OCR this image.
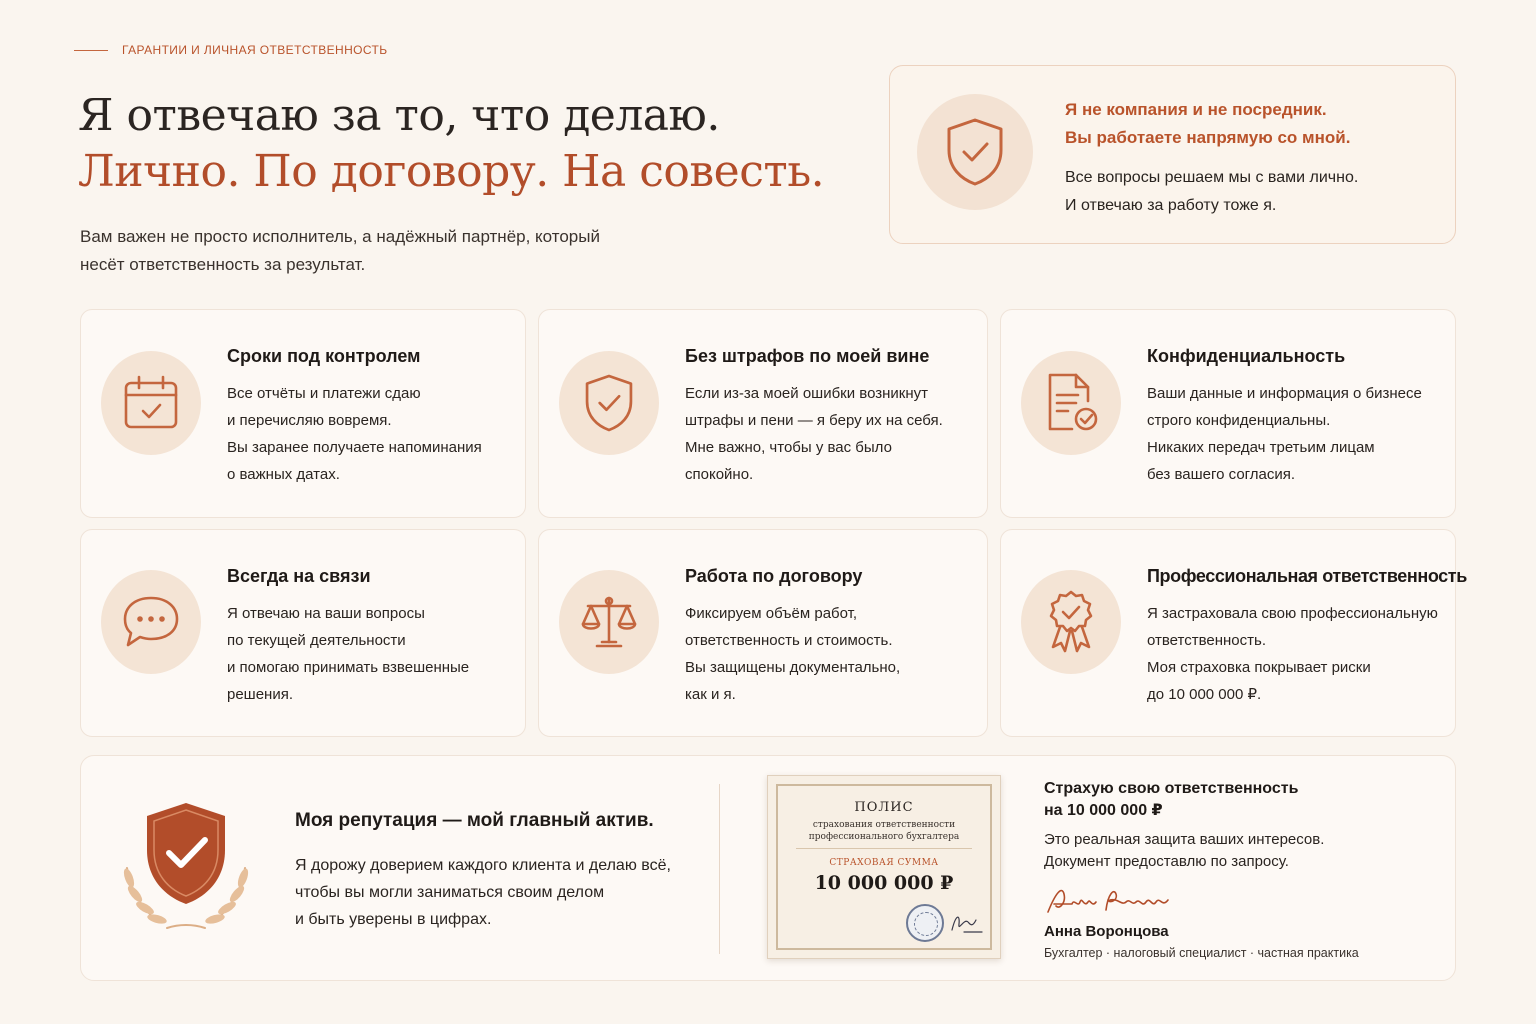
ГАРАНТИИ И ЛИЧНАЯ ОТВЕТСТВЕННОСТЬ
Я отвечаю за то, что делаю.
Лично. По договору. На совесть.

Вам важен не просто исполнитель, а надёжный партнёр, который несёт ответственность за результат.

Я не компания и не посредник.
Вы работаете напрямую со мной.
Все вопросы решаем мы с вами лично.
И отвечаю за работу тоже я.
Сроки под контролем
Все отчёты и платежи сдаю
и перечисляю вовремя.
Вы заранее получаете напоминания
о важных датах.
Без штрафов по моей вине
Если из-за моей ошибки возникнут
штрафы и пени — я беру их на себя.
Мне важно, чтобы у вас было
спокойно.
Конфиденциальность
Ваши данные и информация о бизнесе
строго конфиденциальны.
Никаких передач третьим лицам
без вашего согласия.
Всегда на связи
Я отвечаю на ваши вопросы
по текущей деятельности
и помогаю принимать взвешенные
решения.
Работа по договору
Фиксируем объём работ,
ответственность и стоимость.
Вы защищены документально,
как и я.
Профессиональная ответственность
Я застраховала свою профессиональную
ответственность.
Моя страховка покрывает риски
до 10 000 000 ₽.
Моя репутация — мой главный актив.
Я дорожу доверием каждого клиента и делаю всё,
чтобы вы могли заниматься своим делом
и быть уверены в цифрах.
ПОЛИС
страхования ответственности
профессионального бухгалтера
СТРАХОВАЯ СУММА
10 000 000 ₽
Страхую свою ответственность
на 10 000 000 ₽
Это реальная защита ваших интересов.
Документ предоставлю по запросу.
Анна Воронцова
Бухгалтер · налоговый специалист · частная практика
